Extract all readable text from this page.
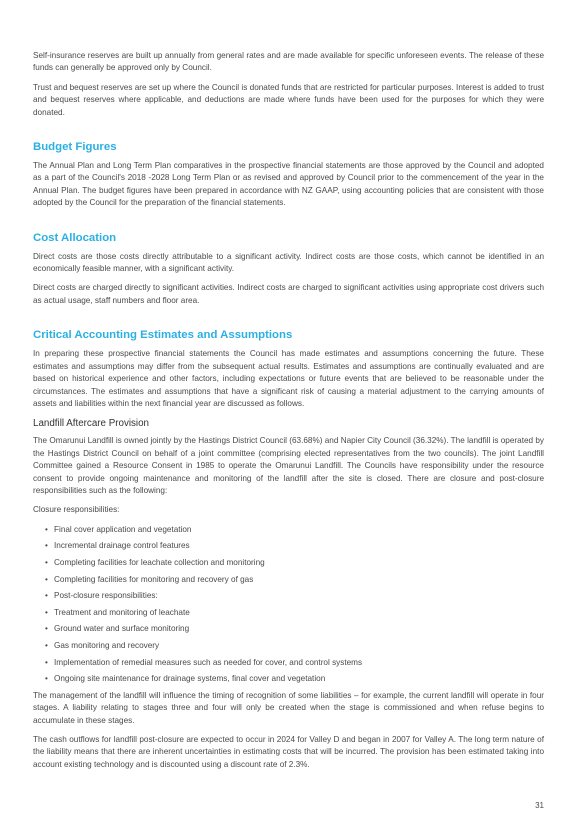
Self-insurance reserves are built up annually from general rates and are made available for specific unforeseen events. The release of these funds can generally be approved only by Council.

Trust and bequest reserves are set up where the Council is donated funds that are restricted for particular purposes. Interest is added to trust and bequest reserves where applicable, and deductions are made where funds have been used for the purposes for which they were donated.

Budget Figures

The Annual Plan and Long Term Plan comparatives in the prospective financial statements are those approved by the Council and adopted as a part of the Council's 2018 -2028 Long Term Plan or as revised and approved by Council prior to the commencement of the year in the Annual Plan. The budget figures have been prepared in accordance with NZ GAAP, using accounting policies that are consistent with those adopted by the Council for the preparation of the financial statements.

Cost Allocation

Direct costs are those costs directly attributable to a significant activity. Indirect costs are those costs, which cannot be identified in an economically feasible manner, with a significant activity.

Direct costs are charged directly to significant activities. Indirect costs are charged to significant activities using appropriate cost drivers such as actual usage, staff numbers and floor area.

Critical Accounting Estimates and Assumptions

In preparing these prospective financial statements the Council has made estimates and assumptions concerning the future. These estimates and assumptions may differ from the subsequent actual results. Estimates and assumptions are continually evaluated and are based on historical experience and other factors, including expectations or future events that are believed to be reasonable under the circumstances. The estimates and assumptions that have a significant risk of causing a material adjustment to the carrying amounts of assets and liabilities within the next financial year are discussed as follows.

Landfill Aftercare Provision

The Omarunui Landfill is owned jointly by the Hastings District Council (63.68%) and Napier City Council (36.32%). The landfill is operated by the Hastings District Council on behalf of a joint committee (comprising elected representatives from the two councils). The joint Landfill Committee gained a Resource Consent in 1985 to operate the Omarunui Landfill. The Councils have responsibility under the resource consent to provide ongoing maintenance and monitoring of the landfill after the site is closed. There are closure and post-closure responsibilities such as the following:

Closure responsibilities:

• Final cover application and vegetation
• Incremental drainage control features
• Completing facilities for leachate collection and monitoring
• Completing facilities for monitoring and recovery of gas
• Post-closure responsibilities:
• Treatment and monitoring of leachate
• Ground water and surface monitoring
• Gas monitoring and recovery
• Implementation of remedial measures such as needed for cover, and control systems
• Ongoing site maintenance for drainage systems, final cover and vegetation

The management of the landfill will influence the timing of recognition of some liabilities – for example, the current landfill will operate in four stages. A liability relating to stages three and four will only be created when the stage is commissioned and when refuse begins to accumulate in these stages.

The cash outflows for landfill post-closure are expected to occur in 2024 for Valley D and began in 2007 for Valley A. The long term nature of the liability means that there are inherent uncertainties in estimating costs that will be incurred. The provision has been estimated taking into account existing technology and is discounted using a discount rate of 2.3%.

31
